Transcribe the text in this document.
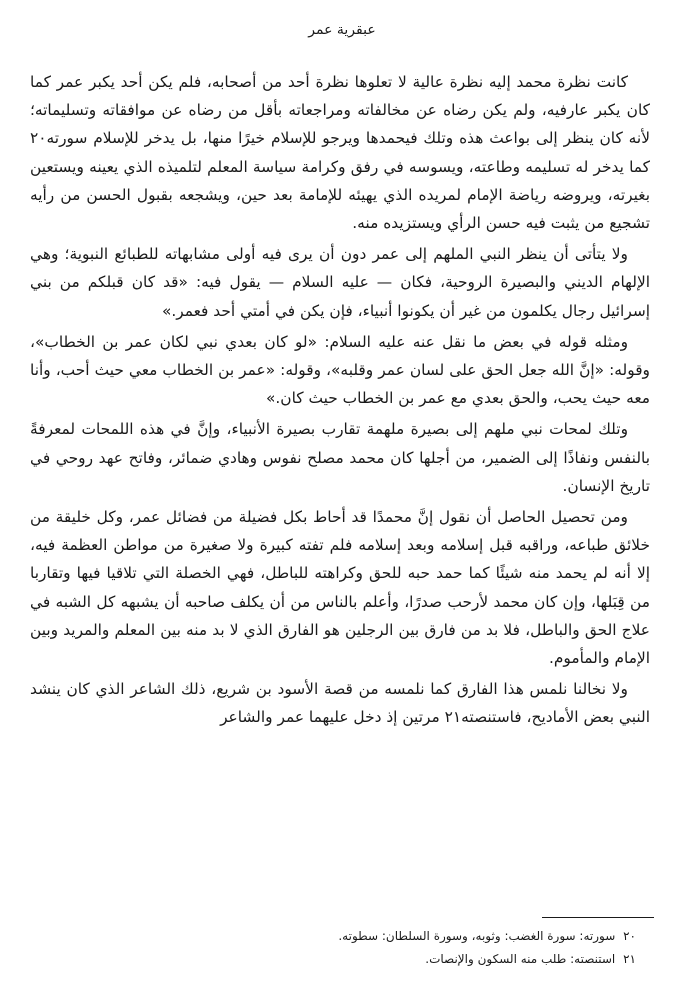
عبقرية عمر

كانت نظرة محمد إليه نظرة عالية لا تعلوها نظرة أحد من أصحابه، فلم يكن أحد يكبر عمر كما كان يكبر عارفيه، ولم يكن رضاه عن مخالفاته ومراجعاته بأقل من رضاه عن موافقاته وتسليماته؛ لأنه كان ينظر إلى بواعث هذه وتلك فيحمدها ويرجو للإسلام خيرًا منها، بل يدخر للإسلام سورته٢٠ كما يدخر له تسليمه وطاعته، ويسوسه في رفق وكرامة سياسة المعلم لتلميذه الذي يعينه ويستعين بغيرته، ويروضه رياضة الإمام لمريده الذي يهيئه للإمامة بعد حين، ويشجعه بقبول الحسن من رأيه تشجيع من يثبت فيه حسن الرأي ويستزيده منه.

ولا يتأتى أن ينظر النبي الملهم إلى عمر دون أن يرى فيه أولى مشابهاته للطبائع النبوية؛ وهي الإلهام الديني والبصيرة الروحية، فكان — عليه السلام — يقول فيه: «قد كان قبلكم من بني إسرائيل رجال يكلمون من غير أن يكونوا أنبياء، فإن يكن في أمتي أحد فعمر.»

ومثله قوله في بعض ما نقل عنه عليه السلام: «لو كان بعدي نبي لكان عمر بن الخطاب»، وقوله: «إنَّ الله جعل الحق على لسان عمر وقلبه»، وقوله: «عمر بن الخطاب معي حيث أحب، وأنا معه حيث يحب، والحق بعدي مع عمر بن الخطاب حيث كان.»

وتلك لمحات نبي ملهم إلى بصيرة ملهمة تقارب بصيرة الأنبياء، وإنَّ في هذه اللمحات لمعرفةً بالنفس ونفاذًا إلى الضمير، من أجلها كان محمد مصلح نفوس وهادي ضمائر، وفاتح عهد روحي في تاريخ الإنسان.

ومن تحصيل الحاصل أن نقول إنَّ محمدًا قد أحاط بكل فضيلة من فضائل عمر، وكل خليقة من خلائق طباعه، وراقبه قبل إسلامه وبعد إسلامه فلم تفته كبيرة ولا صغيرة من مواطن العظمة فيه، إلا أنه لم يحمد منه شيئًا كما حمد حبه للحق وكراهته للباطل، فهي الخصلة التي تلاقيا فيها وتقاربا من قِبَلها، وإن كان محمد لأرحب صدرًا، وأعلم بالناس من أن يكلف صاحبه أن يشبهه كل الشبه في علاج الحق والباطل، فلا بد من فارق بين الرجلين هو الفارق الذي لا بد منه بين المعلم والمريد وبين الإمام والمأموم.

ولا نخالنا نلمس هذا الفارق كما نلمسه من قصة الأسود بن شريع، ذلك الشاعر الذي كان ينشد النبي بعض الأماديح، فاستنصته٢١ مرتين إذ دخل عليهما عمر والشاعر

٢٠ سورته: سورة الغضب: وثوبه، وسورة السلطان: سطوته.

٢١ استنصته: طلب منه السكون والإنصات.
